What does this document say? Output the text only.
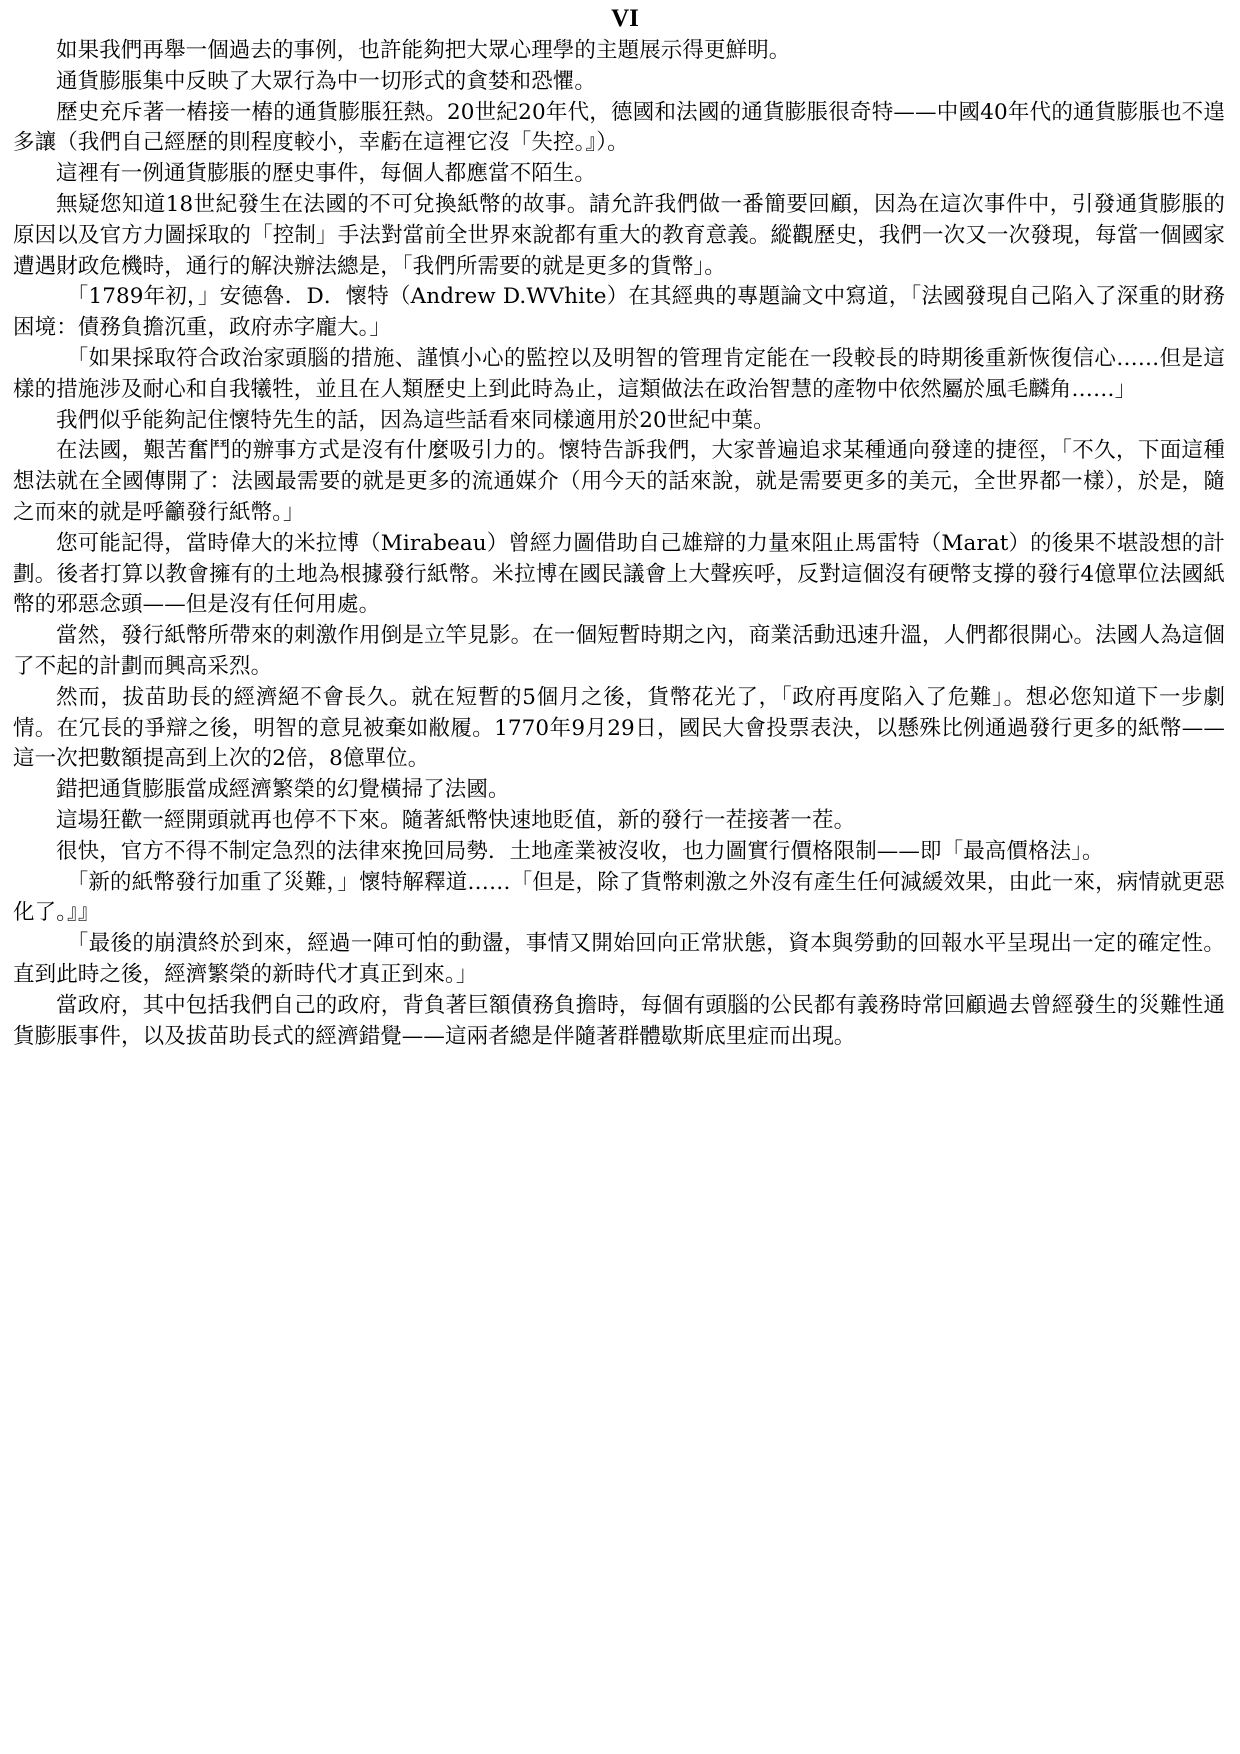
VI

如果我們再舉一個過去的事例，也許能夠把大眾心理學的主題展示得更鮮明。

通貨膨脹集中反映了大眾行為中一切形式的貪婪和恐懼。

歷史充斥著一樁接一樁的通貨膨脹狂熱。20世紀20年代，德國和法國的通貨膨脹很奇特——中國40年代的通貨膨脹也不遑多讓（我們自己經歷的則程度較小，幸虧在這裡它沒「失控。』）。

這裡有一例通貨膨脹的歷史事件，每個人都應當不陌生。

無疑您知道18世紀發生在法國的不可兌換紙幣的故事。請允許我們做一番簡要回顧，因為在這次事件中，引發通貨膨脹的原因以及官方力圖採取的「控制」手法對當前全世界來說都有重大的教育意義。縱觀歷史，我們一次又一次發現，每當一個國家遭遇財政危機時，通行的解決辦法總是，「我們所需要的就是更多的貨幣」。

「1789年初，」安德魯．D．懷特（Andrew D.WVhite）在其經典的專題論文中寫道，「法國發現自己陷入了深重的財務困境：債務負擔沉重，政府赤字龐大。」

「如果採取符合政治家頭腦的措施、謹慎小心的監控以及明智的管理肯定能在一段較長的時期後重新恢復信心……但是這樣的措施涉及耐心和自我犧牲，並且在人類歷史上到此時為止，這類做法在政治智慧的產物中依然屬於風毛麟角……」

我們似乎能夠記住懷特先生的話，因為這些話看來同樣適用於20世紀中葉。

在法國，艱苦奮鬥的辦事方式是沒有什麼吸引力的。懷特告訴我們，大家普遍追求某種通向發達的捷徑，「不久，下面這種想法就在全國傳開了：法國最需要的就是更多的流通媒介（用今天的話來說，就是需要更多的美元，全世界都一樣），於是，隨之而來的就是呼籲發行紙幣。」

您可能記得，當時偉大的米拉博（Mirabeau）曾經力圖借助自己雄辯的力量來阻止馬雷特（Marat）的後果不堪設想的計劃。後者打算以教會擁有的土地為根據發行紙幣。米拉博在國民議會上大聲疾呼，反對這個沒有硬幣支撐的發行4億單位法國紙幣的邪惡念頭——但是沒有任何用處。

當然，發行紙幣所帶來的刺激作用倒是立竿見影。在一個短暫時期之內，商業活動迅速升溫，人們都很開心。法國人為這個了不起的計劃而興高采烈。

然而，拔苗助長的經濟絕不會長久。就在短暫的5個月之後，貨幣花光了，「政府再度陷入了危難」。想必您知道下一步劇情。在冗長的爭辯之後，明智的意見被棄如敝履。1770年9月29日，國民大會投票表決，以懸殊比例通過發行更多的紙幣——這一次把數額提高到上次的2倍，8億單位。

錯把通貨膨脹當成經濟繁榮的幻覺橫掃了法國。

這場狂歡一經開頭就再也停不下來。隨著紙幣快速地貶值，新的發行一茬接著一茬。

很快，官方不得不制定急烈的法律來挽回局勢．土地產業被沒收，也力圖實行價格限制——即「最高價格法」。

「新的紙幣發行加重了災難，」懷特解釋道……「但是，除了貨幣刺激之外沒有產生任何減緩效果，由此一來，病情就更惡化了。』』

「最後的崩潰終於到來，經過一陣可怕的動盪，事情又開始回向正常狀態，資本與勞動的回報水平呈現出一定的確定性。直到此時之後，經濟繁榮的新時代才真正到來。」

當政府，其中包括我們自己的政府，背負著巨額債務負擔時，每個有頭腦的公民都有義務時常回顧過去曾經發生的災難性通貨膨脹事件，以及拔苗助長式的經濟錯覺——這兩者總是伴隨著群體歇斯底里症而出現。
